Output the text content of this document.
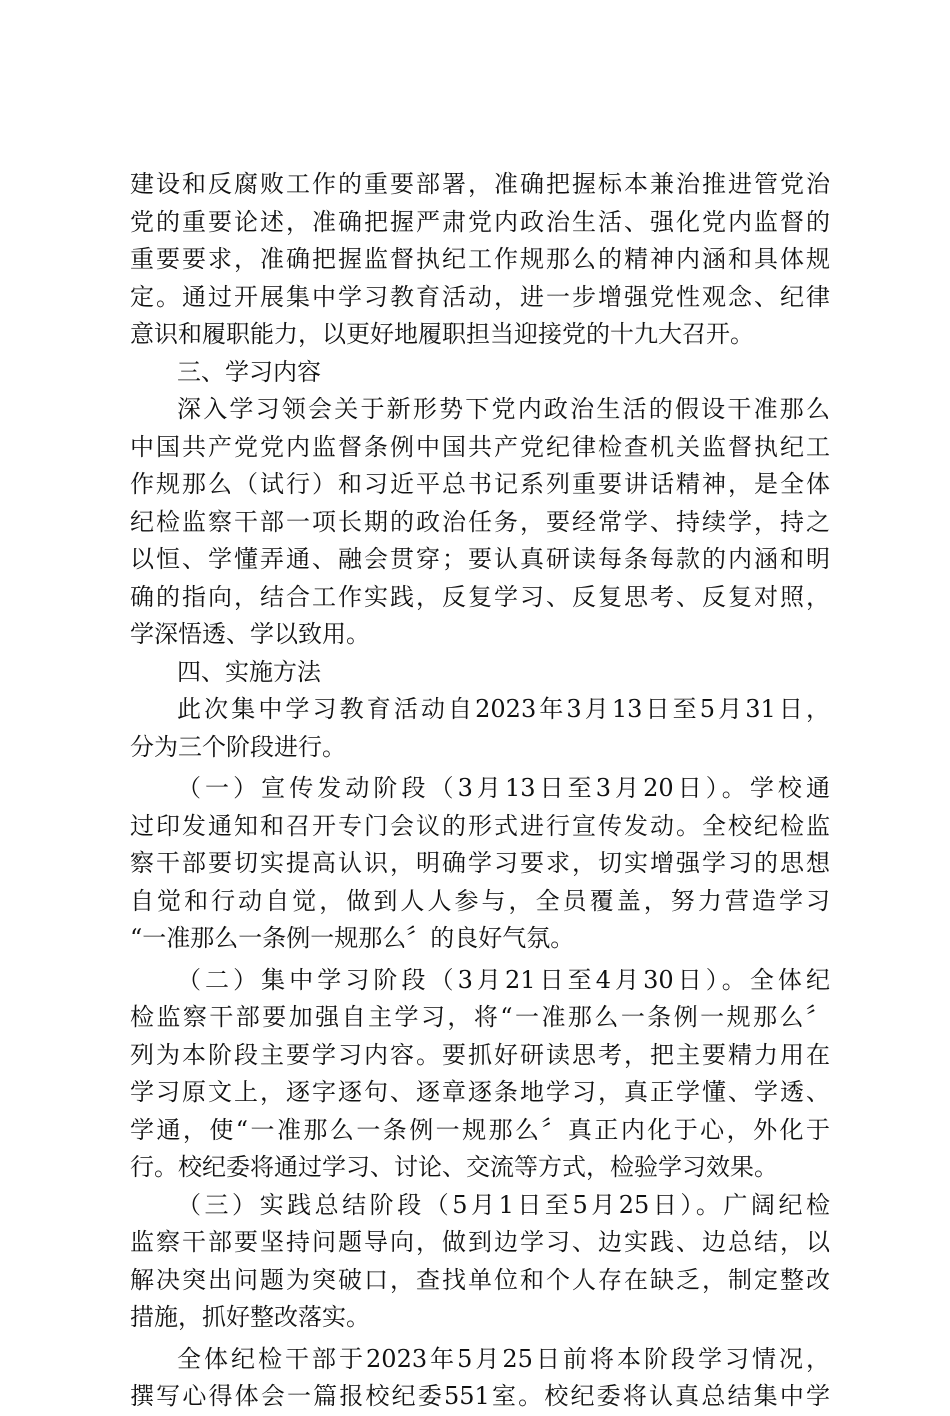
建设和反腐败工作的重要部署，准确把握标本兼治推进管党治
党的重要论述，准确把握严肃党内政治生活、强化党内监督的
重要要求，准确把握监督执纪工作规那么的精神内涵和具体规
定。通过开展集中学习教育活动，进一步增强党性观念、纪律
意识和履职能力，以更好地履职担当迎接党的十九大召开。
三、学习内容
深入学习领会关于新形势下党内政治生活的假设干准那么
中国共产党党内监督条例中国共产党纪律检查机关监督执纪工
作规那么（试行）和习近平总书记系列重要讲话精神，是全体
纪检监察干部一项长期的政治任务，要经常学、持续学，持之
以恒、学懂弄通、融会贯穿；要认真研读每条每款的内涵和明
确的指向，结合工作实践，反复学习、反复思考、反复对照，
学深悟透、学以致用。
四、实施方法
此次集中学习教育活动自2023年3月13日至5月31日，
分为三个阶段进行。
（一）宣传发动阶段（3月13日至3月20日）。学校通
过印发通知和召开专门会议的形式进行宣传发动。全校纪检监
察干部要切实提高认识，明确学习要求，切实增强学习的思想
自觉和行动自觉，做到人人参与，全员覆盖，努力营造学习
“一准那么一条例一规那么〞的良好气氛。
（二）集中学习阶段（3月21日至4月30日）。全体纪
检监察干部要加强自主学习，将“一准那么一条例一规那么〞
列为本阶段主要学习内容。要抓好研读思考，把主要精力用在
学习原文上，逐字逐句、逐章逐条地学习，真正学懂、学透、
学通，使“一准那么一条例一规那么〞真正内化于心，外化于
行。校纪委将通过学习、讨论、交流等方式，检验学习效果。
（三）实践总结阶段（5月1日至5月25日）。广阔纪检
监察干部要坚持问题导向，做到边学习、边实践、边总结，以
解决突出问题为突破口，查找单位和个人存在缺乏，制定整改
措施，抓好整改落实。
全体纪检干部于2023年5月25日前将本阶段学习情况，
撰写心得体会一篇报校纪委551室。校纪委将认真总结集中学
